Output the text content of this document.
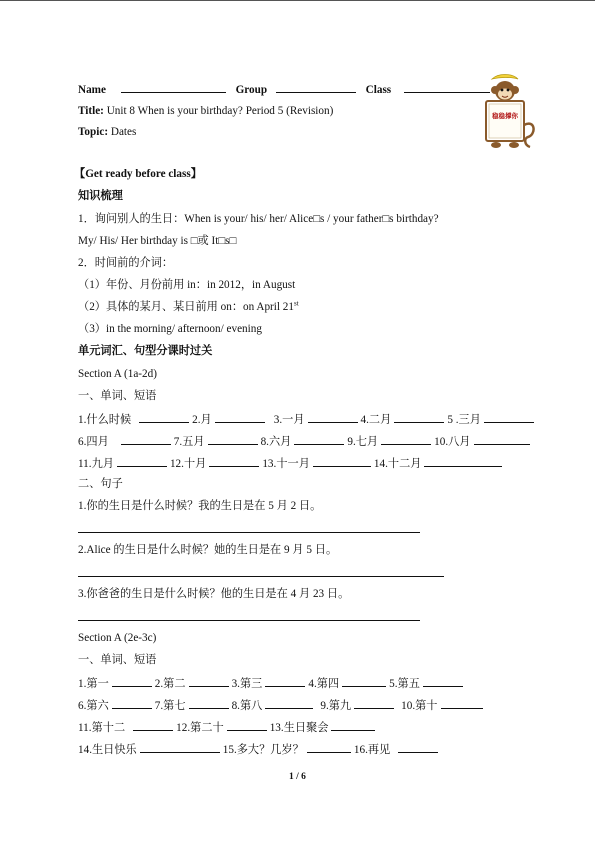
Name	Group	Class
Title: Unit 8 When is your birthday? Period 5 (Revision)
Topic: Dates
稳稳撑你
【Get ready before class】
知识梳理
1．询问别人的生日：When is your/ his/ her/ Alice□s / your father□s birthday?
My/ His/ Her birthday is □或 It□s□
2．时间前的介词：
（1）年份、月份前用 in：in 2012，in August
（2）具体的某月、某日前用 on：on April 21st
（3）in the morning/ afternoon/ evening
单元词汇、句型分课时过关
Section A (1a-2d)
一、单词、短语
1.什么时候	2.月	3.一月	4.二月	5 .三月
6.四月	7.五月	8.六月	9.七月	10.八月
11.九月	12.十月	13.十一月	14.十二月
二、句子
1.你的生日是什么时候？我的生日是在 5 月 2 日。
2.Alice 的生日是什么时候？她的生日是在 9 月 5 日。
3.你爸爸的生日是什么时候？他的生日是在 4 月 23 日。
Section A (2e-3c)
一、单词、短语
1.第一	2.第二	3.第三	4.第四	5.第五
6.第六	7.第七	8.第八	9.第九	10.第十
11.第十二	12.第二十	13.生日聚会
14.生日快乐	15.多大？几岁？	16.再见
1 / 6
